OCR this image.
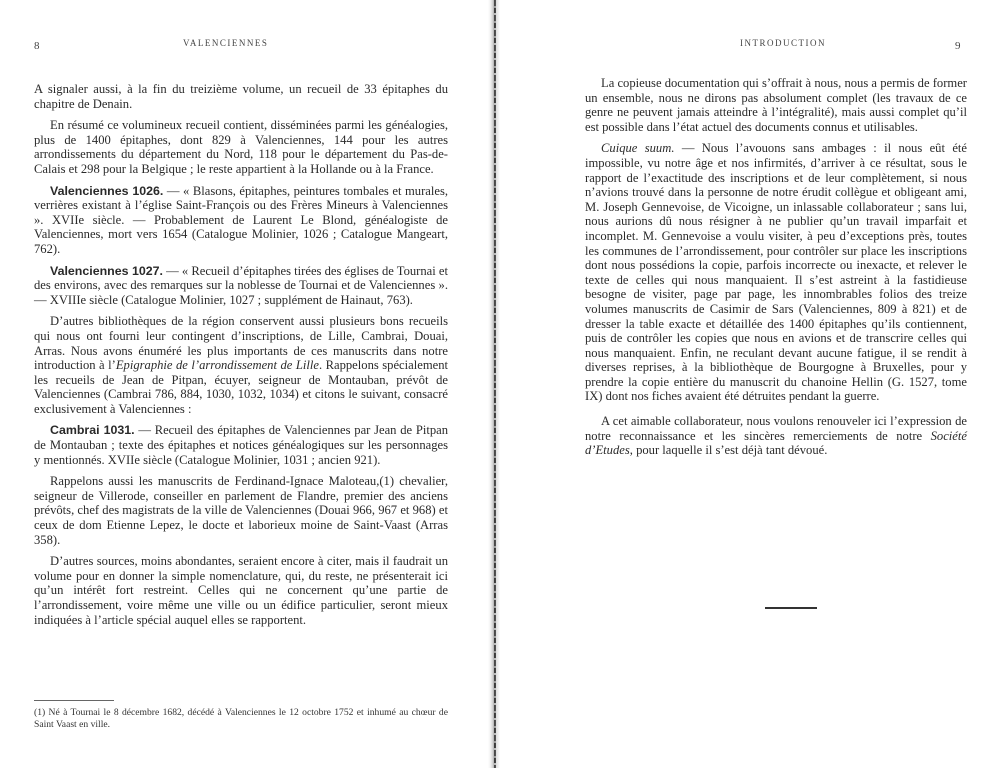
8	VALENCIENNES

A signaler aussi, à la fin du treizième volume, un recueil de 33 épitaphes du chapitre de Denain.

En résumé ce volumineux recueil contient, disséminées parmi les généalogies, plus de 1400 épitaphes, dont 829 à Valenciennes, 144 pour les autres arrondissements du département du Nord, 118 pour le département du Pas-de-Calais et 298 pour la Belgique ; le reste appartient à la Hollande ou à la France.

Valenciennes 1026. — « Blasons, épitaphes, peintures tombales et murales, verrières existant à l’église Saint-François ou des Frères Mineurs à Valenciennes ». XVIIe siècle. — Probablement de Laurent Le Blond, généalogiste de Valenciennes, mort vers 1654 (Catalogue Molinier, 1026 ; Catalogue Mangeart, 762).

Valenciennes 1027. — « Recueil d’épitaphes tirées des églises de Tournai et des environs, avec des remarques sur la noblesse de Tournai et de Valenciennes ». — XVIIIe siècle (Catalogue Molinier, 1027 ; supplément de Hainaut, 763).

D’autres bibliothèques de la région conservent aussi plusieurs bons recueils qui nous ont fourni leur contingent d’inscriptions, de Lille, Cambrai, Douai, Arras. Nous avons énuméré les plus importants de ces manuscrits dans notre introduction à l’Epigraphie de l’arrondissement de Lille. Rappelons spécialement les recueils de Jean de Pitpan, écuyer, seigneur de Montauban, prévôt de Valenciennes (Cambrai 786, 884, 1030, 1032, 1034) et citons le suivant, consacré exclusivement à Valenciennes :

Cambrai 1031. — Recueil des épitaphes de Valenciennes par Jean de Pitpan de Montauban ; texte des épitaphes et notices généalogiques sur les personnages y mentionnés. XVIIe siècle (Catalogue Molinier, 1031 ; ancien 921).

Rappelons aussi les manuscrits de Ferdinand-Ignace Maloteau,(1) chevalier, seigneur de Villerode, conseiller en parlement de Flandre, premier des anciens prévôts, chef des magistrats de la ville de Valenciennes (Douai 966, 967 et 968) et ceux de dom Etienne Lepez, le docte et laborieux moine de Saint-Vaast (Arras 358).

D’autres sources, moins abondantes, seraient encore à citer, mais il faudrait un volume pour en donner la simple nomenclature, qui, du reste, ne présenterait ici qu’un intérêt fort restreint. Celles qui ne concernent qu’une partie de l’arrondissement, voire même une ville ou un édifice particulier, seront mieux indiquées à l’article spécial auquel elles se rapportent.

(1) Né à Tournai le 8 décembre 1682, décédé à Valenciennes le 12 octobre 1752 et inhumé au chœur de Saint Vaast en ville.
INTRODUCTION	9

La copieuse documentation qui s’offrait à nous, nous a permis de former un ensemble, nous ne dirons pas absolument complet (les travaux de ce genre ne peuvent jamais atteindre à l’intégralité), mais aussi complet qu’il est possible dans l’état actuel des documents connus et utilisables.

Cuique suum. — Nous l’avouons sans ambages : il nous eût été impossible, vu notre âge et nos infirmités, d’arriver à ce résultat, sous le rapport de l’exactitude des inscriptions et de leur complètement, si nous n’avions trouvé dans la personne de notre érudit collègue et obligeant ami, M. Joseph Gennevoise, de Vicoigne, un inlassable collaborateur ; sans lui, nous aurions dû nous résigner à ne publier qu’un travail imparfait et incomplet. M. Gennevoise a voulu visiter, à peu d’exceptions près, toutes les communes de l’arrondissement, pour contrôler sur place les inscriptions dont nous possédions la copie, parfois incorrecte ou inexacte, et relever le texte de celles qui nous manquaient. Il s’est astreint à la fastidieuse besogne de visiter, page par page, les innombrables folios des treize volumes manuscrits de Casimir de Sars (Valenciennes, 809 à 821) et de dresser la table exacte et détaillée des 1400 épitaphes qu’ils contiennent, puis de contrôler les copies que nous en avions et de transcrire celles qui nous manquaient. Enfin, ne reculant devant aucune fatigue, il se rendit à diverses reprises, à la bibliothèque de Bourgogne à Bruxelles, pour y prendre la copie entière du manuscrit du chanoine Hellin (G. 1527, tome IX) dont nos fiches avaient été détruites pendant la guerre.

A cet aimable collaborateur, nous voulons renouveler ici l’expression de notre reconnaissance et les sincères remerciements de notre Société d’Etudes, pour laquelle il s’est déjà tant dévoué.
